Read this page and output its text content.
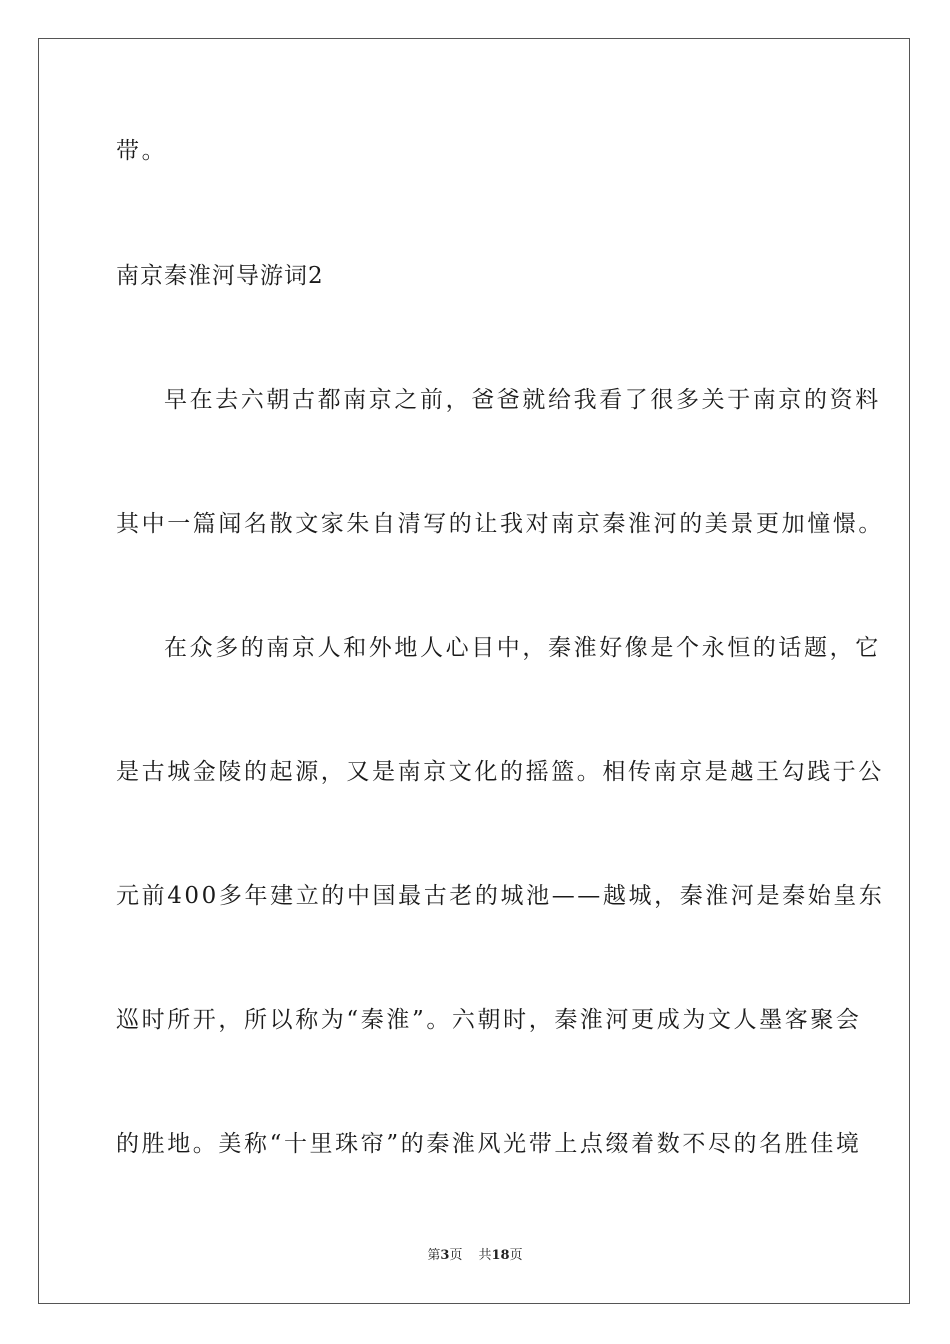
带。
南京秦淮河导游词2
早在去六朝古都南京之前，爸爸就给我看了很多关于南京的资料
其中一篇闻名散文家朱自清写的让我对南京秦淮河的美景更加憧憬。
在众多的南京人和外地人心目中，秦淮好像是个永恒的话题，它
是古城金陵的起源，又是南京文化的摇篮。相传南京是越王勾践于公
元前400多年建立的中国最古老的城池——越城，秦淮河是秦始皇东
巡时所开，所以称为“秦淮”。六朝时，秦淮河更成为文人墨客聚会
的胜地。美称“十里珠帘”的秦淮风光带上点缀着数不尽的名胜佳境
第3页 共18页
